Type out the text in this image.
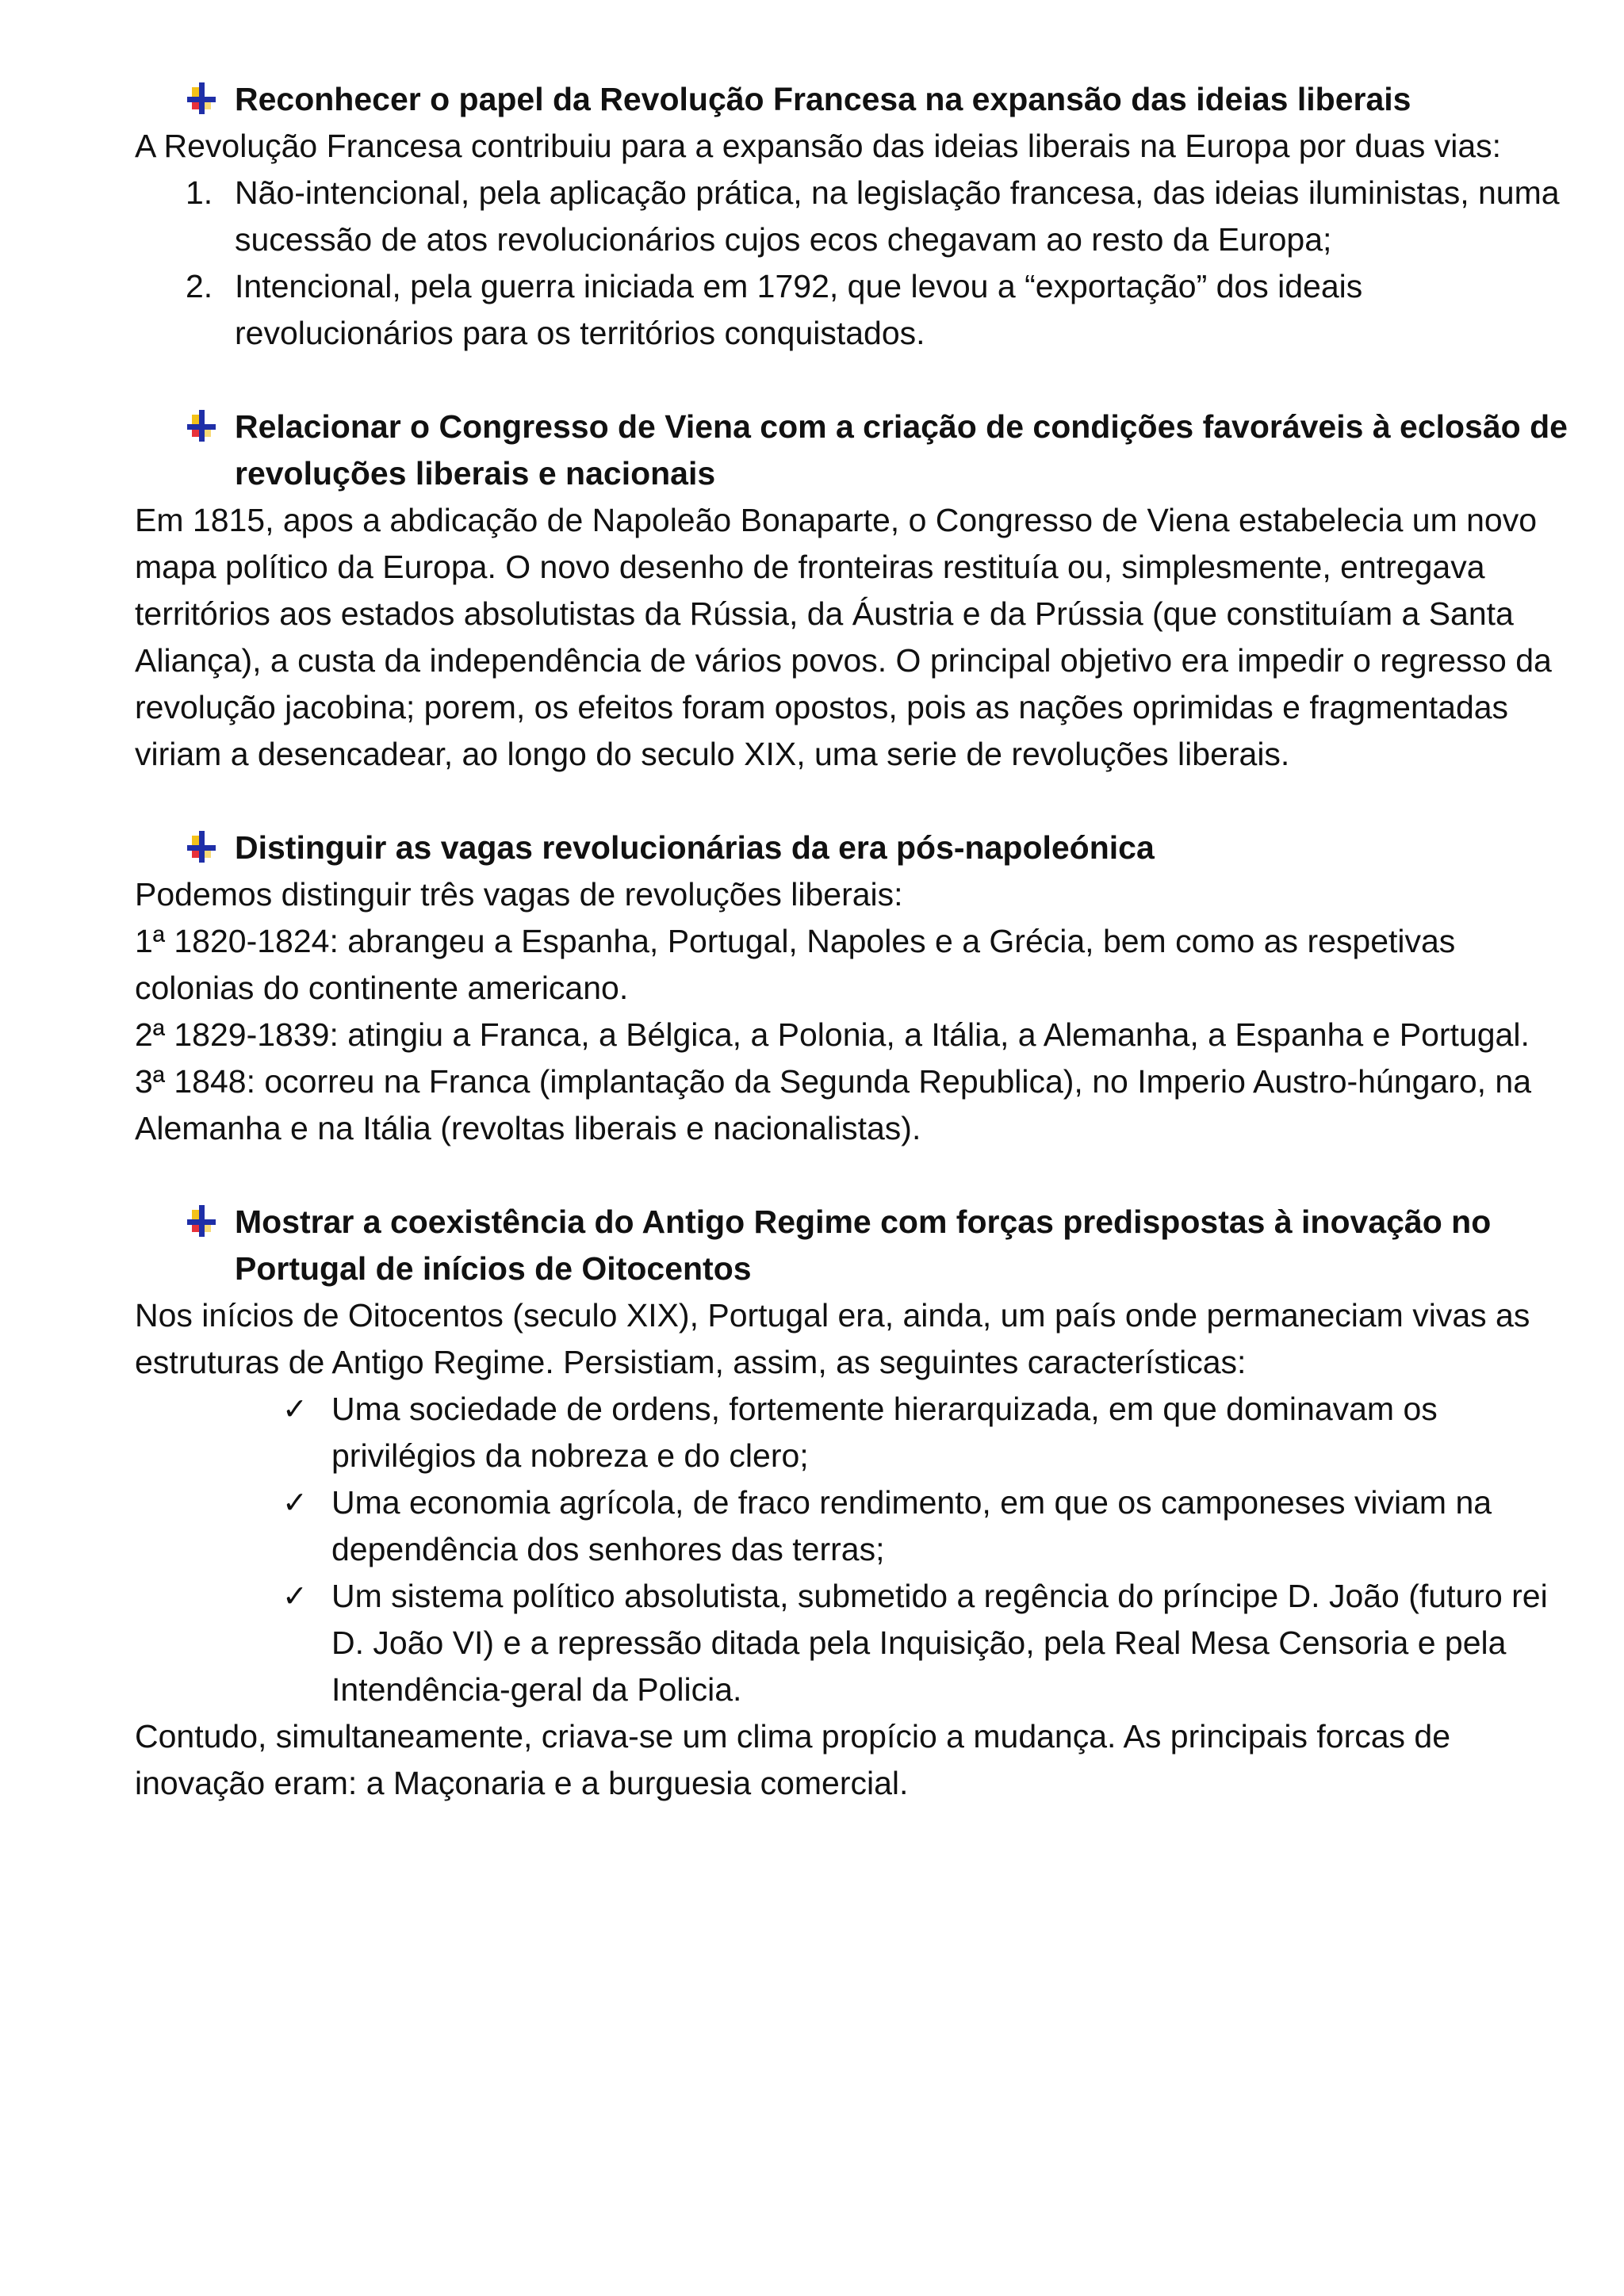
Reconhecer o papel da Revolução Francesa na expansão das ideias liberais

A Revolução Francesa contribuiu para a expansão das ideias liberais na Europa por duas vias:

1. Não-intencional, pela aplicação prática, na legislação francesa, das ideias iluministas, numa sucessão de atos revolucionários cujos ecos chegavam ao resto da Europa;
2. Intencional, pela guerra iniciada em 1792, que levou a “exportação” dos ideais revolucionários para os territórios conquistados.
Relacionar o Congresso de Viena com a criação de condições favoráveis à eclosão de revoluções liberais e nacionais

Em 1815, apos a abdicação de Napoleão Bonaparte, o Congresso de Viena estabelecia um novo mapa político da Europa. O novo desenho de fronteiras restituía ou, simplesmente, entregava territórios aos estados absolutistas da Rússia, da Áustria e da Prússia (que constituíam a Santa Aliança), a custa da independência de vários povos. O principal objetivo era impedir o regresso da revolução jacobina; porem, os efeitos foram opostos, pois as nações oprimidas e fragmentadas viriam a desencadear, ao longo do seculo XIX, uma serie de revoluções liberais.

Distinguir as vagas revolucionárias da era pós-napoleónica

Podemos distinguir três vagas de revoluções liberais:

1ª 1820-1824: abrangeu a Espanha, Portugal, Napoles e a Grécia, bem como as respetivas colonias do continente americano.

2ª 1829-1839: atingiu a Franca, a Bélgica, a Polonia, a Itália, a Alemanha, a Espanha e Portugal.

3ª 1848: ocorreu na Franca (implantação da Segunda Republica), no Imperio Austro-húngaro, na Alemanha e na Itália (revoltas liberais e nacionalistas).

Mostrar a coexistência do Antigo Regime com forças predispostas à inovação no Portugal de inícios de Oitocentos

Nos inícios de Oitocentos (seculo XIX), Portugal era, ainda, um país onde permaneciam vivas as estruturas de Antigo Regime. Persistiam, assim, as seguintes características:

✓ Uma sociedade de ordens, fortemente hierarquizada, em que dominavam os privilégios da nobreza e do clero;
✓ Uma economia agrícola, de fraco rendimento, em que os camponeses viviam na dependência dos senhores das terras;
✓ Um sistema político absolutista, submetido a regência do príncipe D. João (futuro rei D. João VI) e a repressão ditada pela Inquisição, pela Real Mesa Censoria e pela Intendência-geral da Policia.

Contudo, simultaneamente, criava-se um clima propício a mudança. As principais forcas de inovação eram: a Maçonaria e a burguesia comercial.
